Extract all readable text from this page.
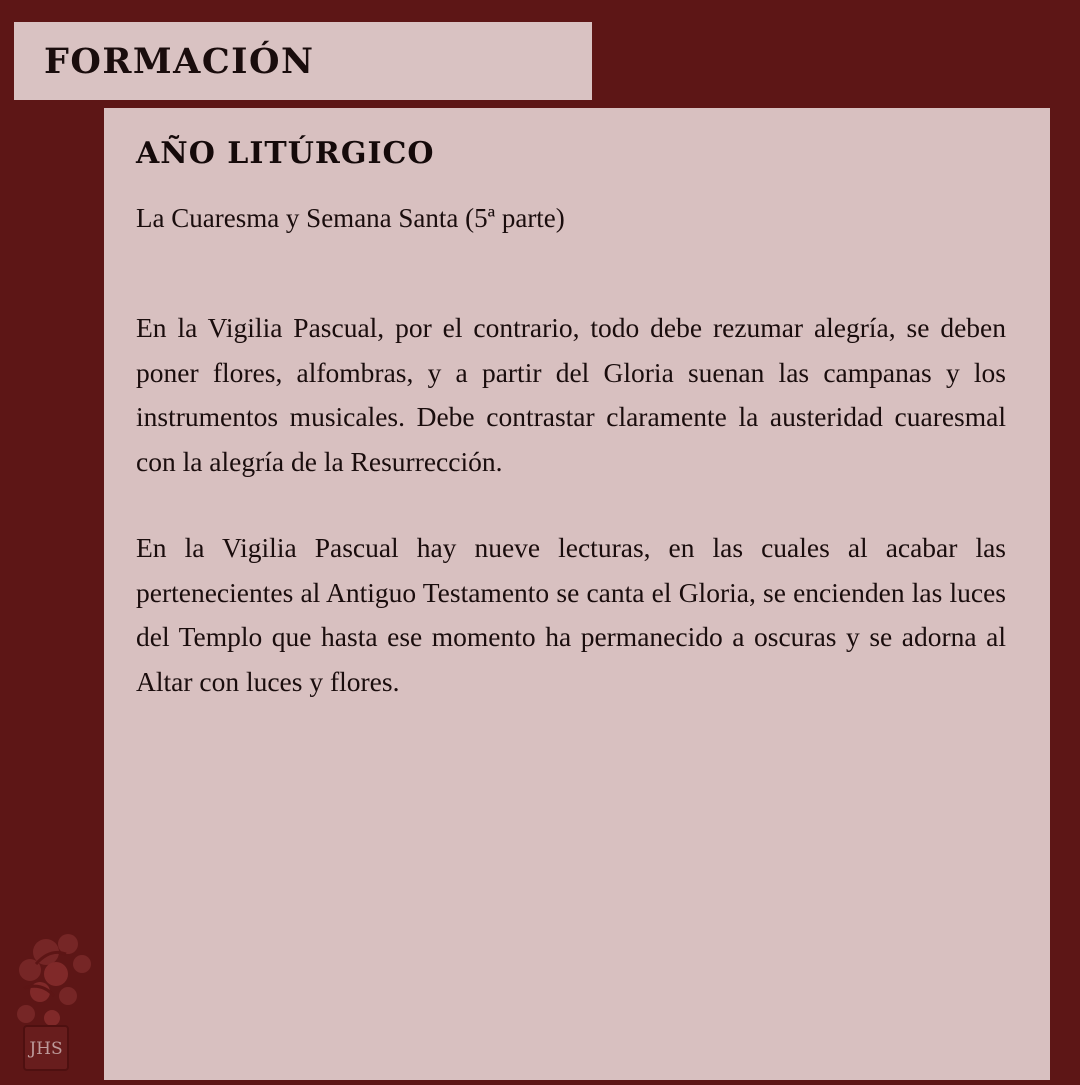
FORMACIÓN
AÑO LITÚRGICO

La Cuaresma y Semana Santa (5ª parte)

En la Vigilia Pascual, por el contrario, todo debe rezumar alegría, se deben poner flores, alfombras, y a partir del Gloria suenan las campanas y los instrumentos musicales. Debe contrastar claramente la austeridad cuaresmal con la alegría de la Resurrección.

En la Vigilia Pascual hay nueve lecturas, en las cuales al acabar las pertenecientes al Antiguo Testamento se canta el Gloria, se encienden las luces del Templo que hasta ese momento ha permanecido a oscuras y se adorna al Altar con luces y flores.

JHS
